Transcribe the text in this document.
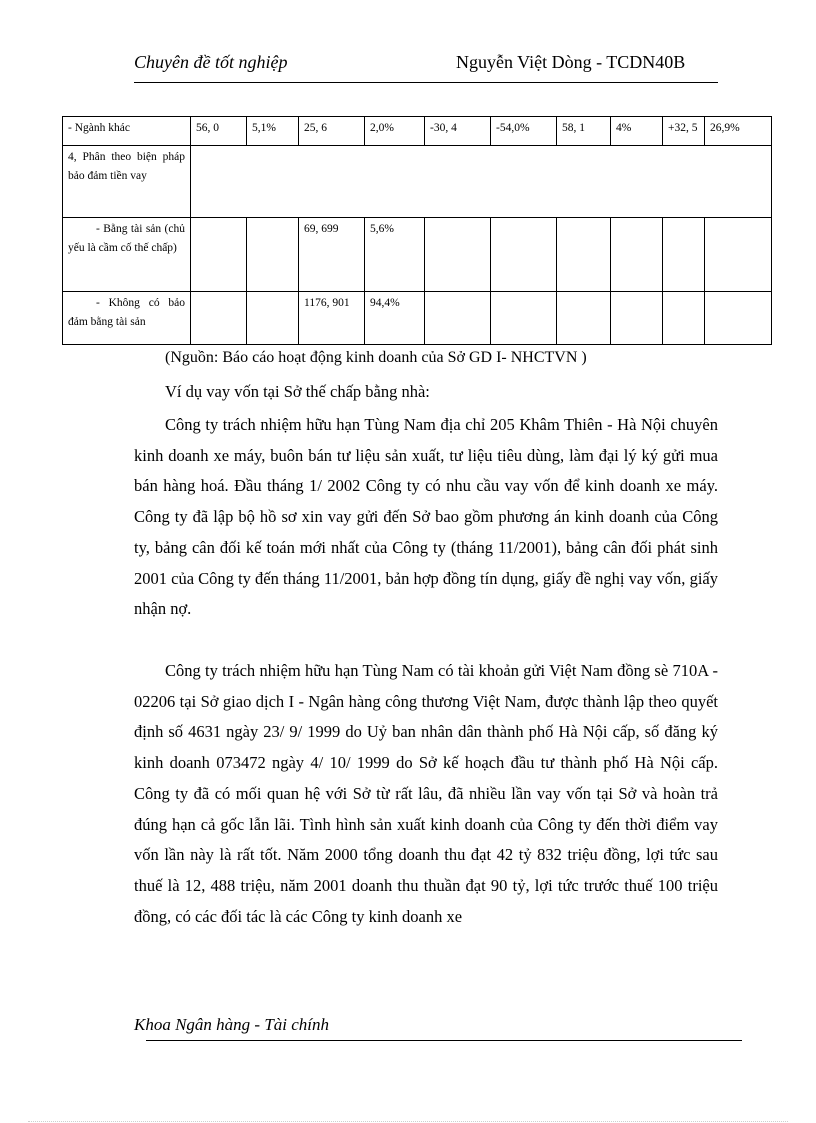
Chuyên đề tốt nghiệp	Nguyễn Việt Dòng - TCDN40B
- Ngành khác	56, 0	5,1%	25, 6	2,0%	-30, 4	-54,0%	58, 1	4%	+32, 5	26,9%
4, Phân theo biện pháp bảo đảm tiền vay										
- Bằng tài sản (chủ yếu là cầm cố thế chấp)			69, 699	5,6%						
- Không có bảo đảm bằng tài sản			1176, 901	94,4%						
(Nguồn: Báo cáo hoạt động kinh doanh của Sở GD I- NHCTVN )

Ví dụ vay vốn tại Sở thế chấp bằng nhà:

Công ty trách nhiệm hữu hạn Tùng Nam địa chỉ 205 Khâm Thiên - Hà Nội chuyên kinh doanh xe máy, buôn bán tư liệu sản xuất, tư liệu tiêu dùng, làm đại lý ký gửi mua bán hàng hoá. Đầu tháng 1/ 2002 Công ty có nhu cầu vay vốn để kinh doanh xe máy. Công ty đã lập bộ hồ sơ xin vay gửi đến Sở bao gồm phương án kinh doanh của Công ty, bảng cân đối kế toán mới nhất của Công ty (tháng 11/2001), bảng cân đối phát sinh 2001 của Công ty đến tháng 11/2001, bản hợp đồng tín dụng, giấy đề nghị vay vốn, giấy nhận nợ.

Công ty trách nhiệm hữu hạn Tùng Nam có tài khoản gửi Việt Nam đồng sè 710A - 02206 tại Sở giao dịch I - Ngân hàng công thương Việt Nam, được thành lập theo quyết định số 4631 ngày 23/ 9/ 1999 do Uỷ ban nhân dân thành phố Hà Nội cấp, số đăng ký kinh doanh 073472 ngày 4/ 10/ 1999 do Sở kế hoạch đầu tư thành phố Hà Nội cấp. Công ty đã có mối quan hệ với Sở từ rất lâu, đã nhiều lần vay vốn tại Sở và hoàn trả đúng hạn cả gốc lẫn lãi. Tình hình sản xuất kinh doanh của Công ty đến thời điểm vay vốn lần này là rất tốt. Năm 2000 tổng doanh thu đạt 42 tỷ 832 triệu đồng, lợi tức sau thuế là 12, 488 triệu, năm 2001 doanh thu thuần đạt 90 tỷ, lợi tức trước thuế 100 triệu đồng, có các đối tác là các Công ty kinh doanh xe

Khoa Ngân hàng - Tài chính
